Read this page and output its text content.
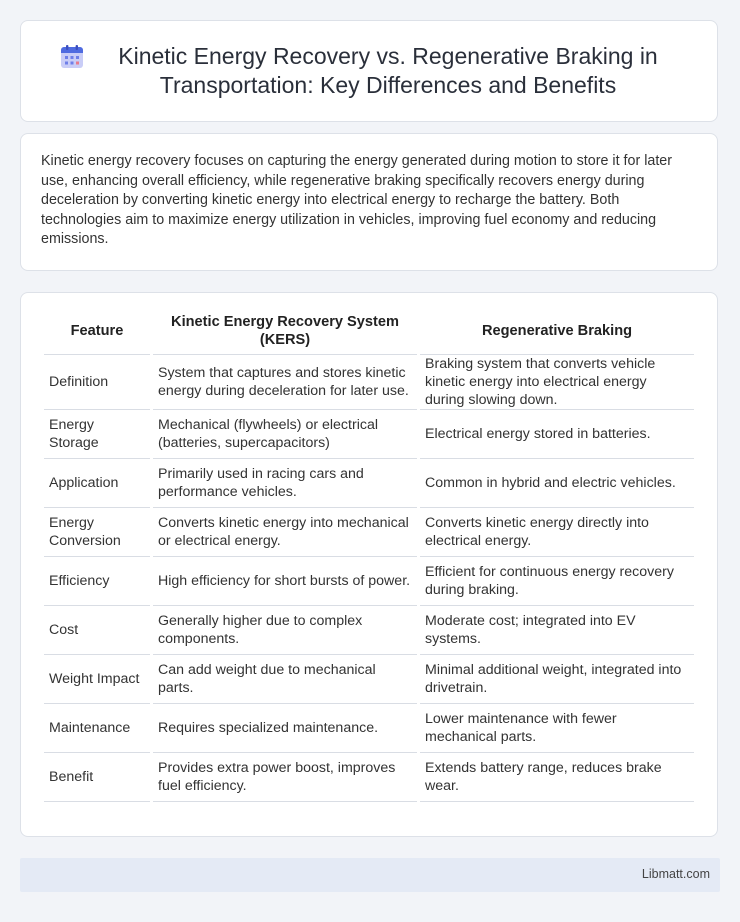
Kinetic Energy Recovery vs. Regenerative Braking in Transportation: Key Differences and Benefits

Kinetic energy recovery focuses on capturing the energy generated during motion to store it for later use, enhancing overall efficiency, while regenerative braking specifically recovers energy during deceleration by converting kinetic energy into electrical energy to recharge the battery. Both technologies aim to maximize energy utilization in vehicles, improving fuel economy and reducing emissions.

Feature	Kinetic Energy Recovery System (KERS)	Regenerative Braking
Definition	System that captures and stores kinetic energy during deceleration for later use.	Braking system that converts vehicle kinetic energy into electrical energy during slowing down.
Energy Storage	Mechanical (flywheels) or electrical (batteries, supercapacitors)	Electrical energy stored in batteries.
Application	Primarily used in racing cars and performance vehicles.	Common in hybrid and electric vehicles.
Energy Conversion	Converts kinetic energy into mechanical or electrical energy.	Converts kinetic energy directly into electrical energy.
Efficiency	High efficiency for short bursts of power.	Efficient for continuous energy recovery during braking.
Cost	Generally higher due to complex components.	Moderate cost; integrated into EV systems.
Weight Impact	Can add weight due to mechanical parts.	Minimal additional weight, integrated into drivetrain.
Maintenance	Requires specialized maintenance.	Lower maintenance with fewer mechanical parts.
Benefit	Provides extra power boost, improves fuel efficiency.	Extends battery range, reduces brake wear.
Libmatt.com
